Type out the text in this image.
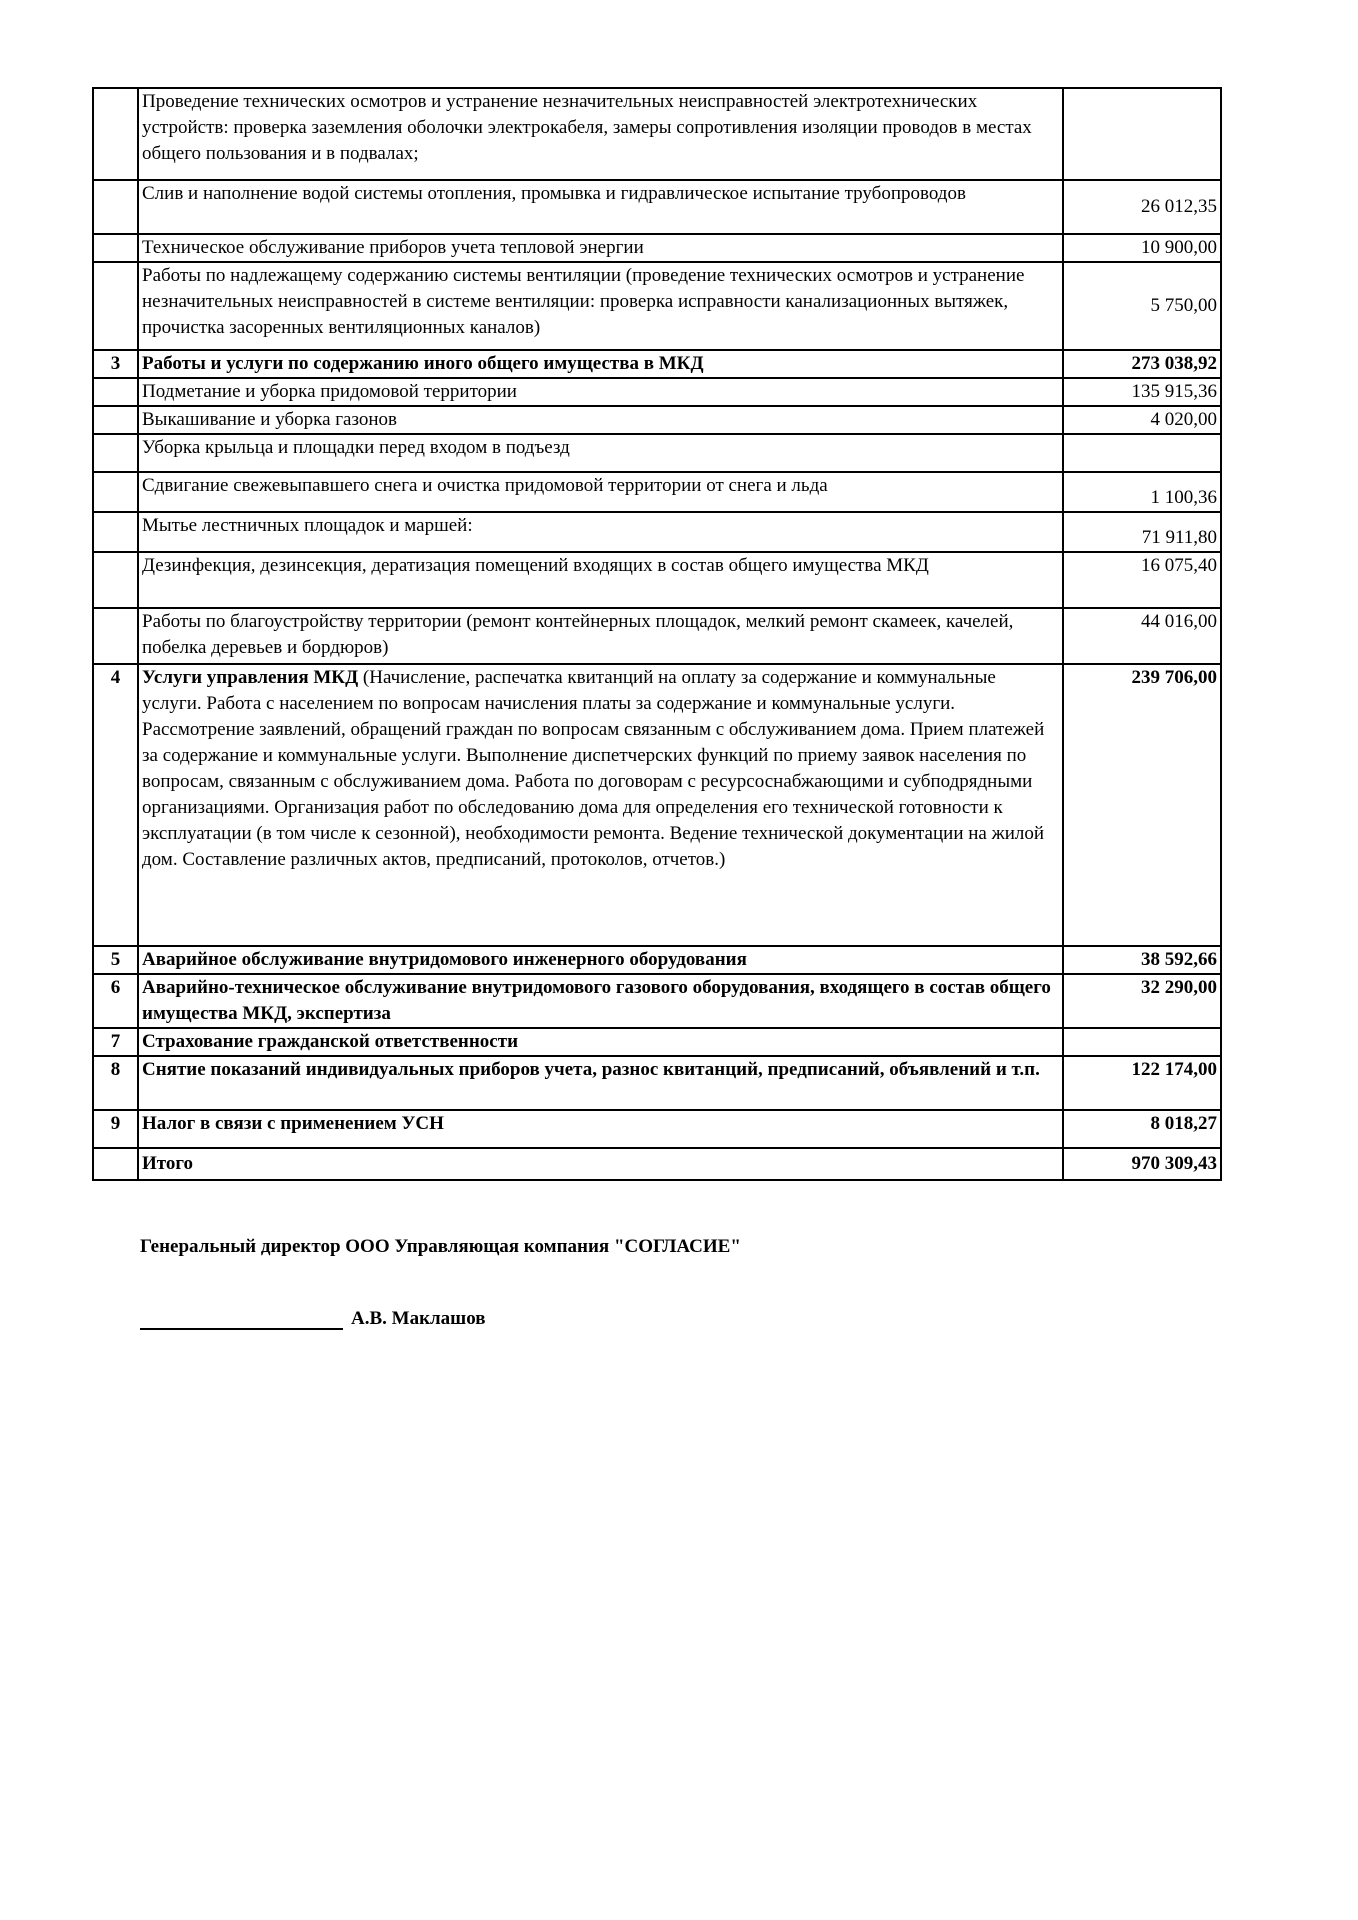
	Проведение технических осмотров и устранение незначительных неисправностей электротехнических устройств: проверка заземления оболочки электрокабеля, замеры сопротивления изоляции проводов в местах общего пользования и в подвалах;	
	Слив и наполнение водой системы отопления, промывка и гидравлическое испытание трубопроводов	26 012,35
	Техническое обслуживание приборов учета тепловой энергии	10 900,00
	Работы по надлежащему содержанию системы вентиляции (проведение технических осмотров и устранение незначительных неисправностей в системе вентиляции: проверка исправности канализационных вытяжек, прочистка засоренных вентиляционных каналов)	5 750,00
3	Работы и услуги по содержанию иного общего имущества в МКД	273 038,92
	Подметание и уборка придомовой территории	135 915,36
	Выкашивание и уборка газонов	4 020,00
	Уборка крыльца и площадки перед входом в подъезд	
	Сдвигание свежевыпавшего снега и очистка придомовой территории от снега и льда	1 100,36
	Мытье лестничных площадок и маршей:	71 911,80
	Дезинфекция, дезинсекция, дератизация помещений входящих в состав общего имущества МКД	16 075,40
	Работы по благоустройству территории (ремонт контейнерных площадок, мелкий ремонт скамеек, качелей, побелка деревьев и бордюров)	44 016,00
4	Услуги управления МКД (Начисление, распечатка квитанций на оплату за содержание и коммунальные услуги. Работа с населением по вопросам начисления платы за содержание и коммунальные услуги. Рассмотрение заявлений, обращений граждан по вопросам связанным с обслуживанием дома. Прием платежей за содержание и коммунальные услуги. Выполнение диспетчерских функций по приему заявок населения по вопросам, связанным с обслуживанием дома. Работа по договорам с ресурсоснабжающими и субподрядными организациями. Организация работ по обследованию дома для определения его технической готовности к эксплуатации (в том числе к сезонной), необходимости ремонта. Ведение технической документации на жилой дом. Составление различных актов, предписаний, протоколов, отчетов.)	239 706,00
5	Аварийное обслуживание внутридомового инженерного оборудования	38 592,66
6	Аварийно-техническое обслуживание внутридомового газового оборудования, входящего в состав общего имущества МКД, экспертиза	32 290,00
7	Страхование гражданской ответственности	
8	Снятие показаний индивидуальных приборов учета, разнос квитанций, предписаний, объявлений и т.п.	122 174,00
9	Налог в связи с применением УСН	8 018,27
	Итого	970 309,43
Генеральный директор ООО Управляющая компания "СОГЛАСИЕ"
А.В. Маклашов
